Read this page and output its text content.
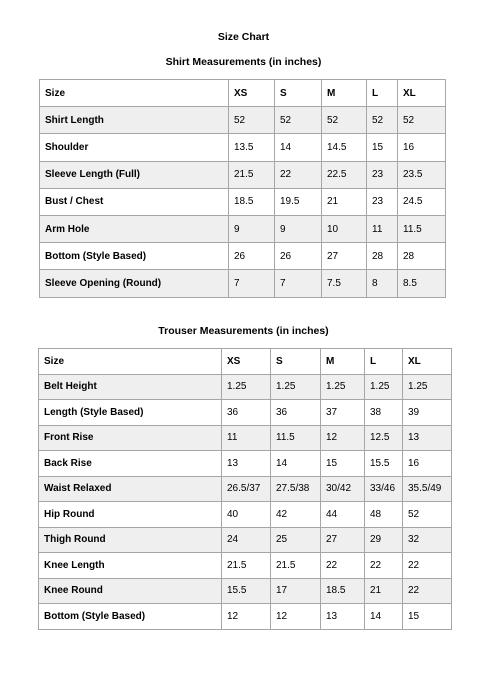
Size Chart
Shirt Measurements (in inches)
Size	XS	S	M	L	XL
Shirt Length	52	52	52	52	52
Shoulder	13.5	14	14.5	15	16
Sleeve Length (Full)	21.5	22	22.5	23	23.5
Bust / Chest	18.5	19.5	21	23	24.5
Arm Hole	9	9	10	11	11.5
Bottom (Style Based)	26	26	27	28	28
Sleeve Opening (Round)	7	7	7.5	8	8.5
Trouser Measurements (in inches)
Size	XS	S	M	L	XL
Belt Height	1.25	1.25	1.25	1.25	1.25
Length (Style Based)	36	36	37	38	39
Front Rise	11	11.5	12	12.5	13
Back Rise	13	14	15	15.5	16
Waist Relaxed	26.5/37	27.5/38	30/42	33/46	35.5/49
Hip Round	40	42	44	48	52
Thigh Round	24	25	27	29	32
Knee Length	21.5	21.5	22	22	22
Knee Round	15.5	17	18.5	21	22
Bottom (Style Based)	12	12	13	14	15
